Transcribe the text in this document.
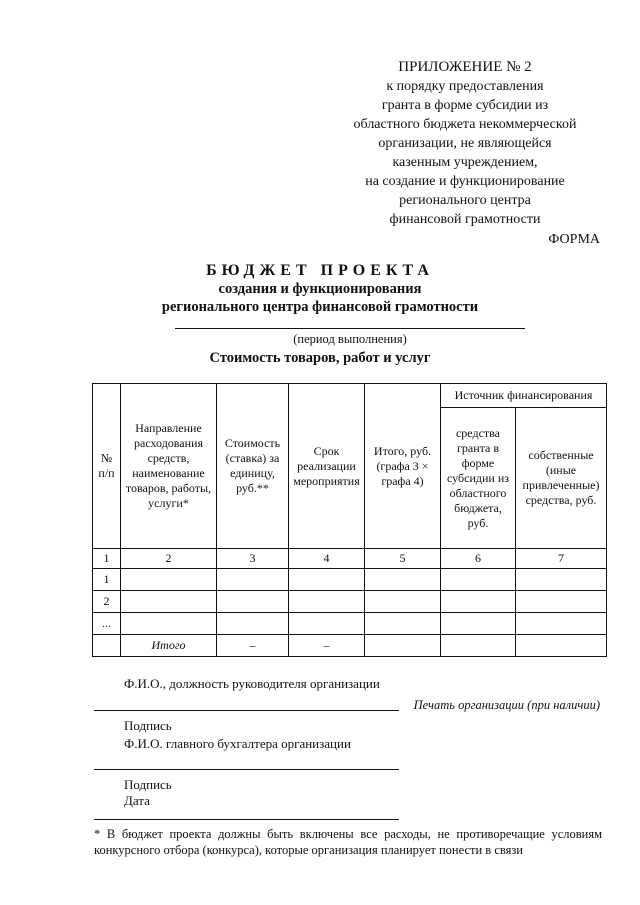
ПРИЛОЖЕНИЕ № 2
к порядку предоставления
гранта в форме субсидии из
областного бюджета некоммерческой
организации, не являющейся
казенным учреждением,
на создание и функционирование
регионального центра
финансовой грамотности
ФОРМА
БЮДЖЕТ ПРОЕКТА
создания и функционирования
регионального центра финансовой грамотности
(период выполнения)
Стоимость товаров, работ и услуг
№ п/п	Направление расходования средств, наименование товаров, работы, услуги*	Стоимость (ставка) за единицу, руб.**	Срок реализации мероприятия	Итого, руб. (графа 3 × графа 4)	Источник финансирования	
					средства гранта в форме субсидии из областного бюджета, руб.	собственные (иные привлеченные) средства, руб.
1	2	3	4	5	6	7
1						
2						
...						
	Итого	–	–			
Ф.И.О., должность руководителя организации
Печать организации (при наличии)
Подпись
Ф.И.О. главного бухгалтера организации
Подпись
Дата
* В бюджет проекта должны быть включены все расходы, не противоречащие условиям конкурсного отбора (конкурса), которые организация планирует понести в связи
